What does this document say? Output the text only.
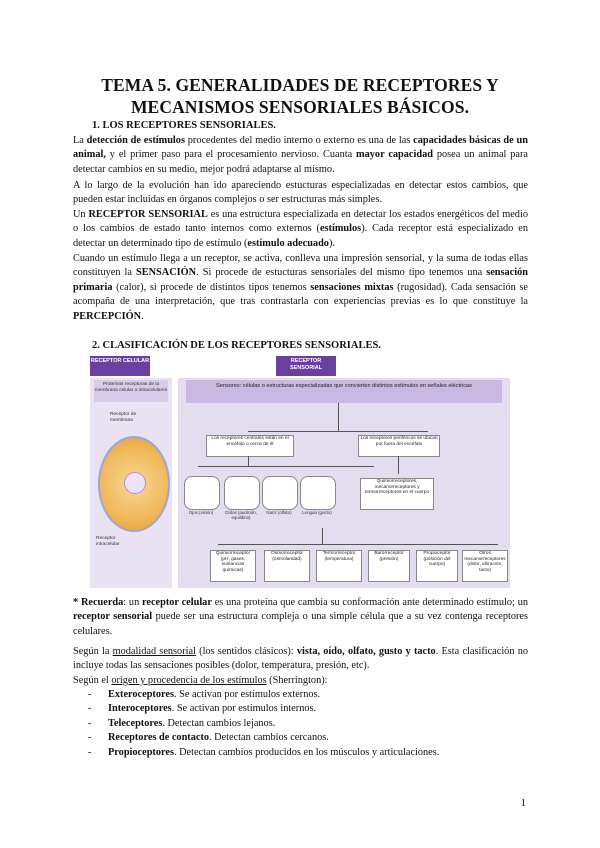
TEMA 5. GENERALIDADES DE RECEPTORES Y
MECANISMOS SENSORIALES BÁSICOS.
1. LOS RECEPTORES SENSORIALES.

La detección de estímulos procedentes del medio interno o externo es una de las capacidades básicas de un animal, y el primer paso para el procesamiento nervioso. Cuanta mayor capacidad posea un animal para detectar cambios en su medio, mejor podrá adaptarse al mismo.

A lo largo de la evolución han ido apareciendo estucturas especializadas en detectar estos cambios, que pueden estar incluidas en órganos complejos o ser estructuras más simples.

Un RECEPTOR SENSORIAL es una estructura especializada en detectar los estados energéticos del medio o los cambios de estado tanto internos como externos (estímulos). Cada receptor está especializado en detectar un determinado tipo de estímulo (estímulo adecuado).

Cuando un estímulo llega a un receptor, se activa, conlleva una impresión sensorial, y la suma de todas ellas constituyen la SENSACIÓN. Si procede de estucturas sensoriales del mismo tipo tenemos una sensación primaria (calor), si procede de distintos tipos tenemos sensaciones mixtas (rugosidad). Cada sensación se acompaña de una interpretación, que tras contrastarla con experiencias previas es lo que constituye la PERCEPCIÓN.

2. CLASIFICACIÓN DE LOS RECEPTORES SENSORIALES.
RECEPTOR CELULAR	RECEPTOR SENSORIAL
Proteínas receptoras de la membrana celular o intracelulares
Receptor de membrana
Receptor intracelular
Sensores: células o estructuras especializadas que convierten distintos estímulos en señales eléctricas
Los receptores centrales están en el encéfalo o cerca de él
Los receptores periféricos se ubican por fuera del encéfalo
Ojos (visión)	Oídos (audición, equilibrio)
Nariz (olfato)	Lengua (gusto)
Quimiorreceptores, mecanorreceptores y termorreceptores en el cuerpo
Quimiorreceptor (pH, gases, sustancias químicas)
Osmorreceptor (osmolaridad)
Termorreceptor (temperatura)
Barorreceptor (presión)
Propioceptor (posición del cuerpo)
Otros mecanorreceptores (dolor, vibración, tacto)

* Recuerda: un receptor celular es una proteína que cambia su conformación ante determinado estímulo; un receptor sensorial puede ser una estructura compleja o una simple célula que a su vez contenga receptores celulares.

Según la modalidad sensorial (los sentidos clásicos): vista, oído, olfato, gusto y tacto. Esta clasificación no incluye todas las sensaciones posibles (dolor, temperatura, presión, etc).

Según el origen y procedencia de los estímulos (Sherrington):

- Exteroceptores. Se activan por estímulos externos.
- Interoceptores. Se activan por estímulos internos.
- Teleceptores. Detectan cambios lejanos.
- Receptores de contacto. Detectan cambios cercanos.
- Propioceptores. Detectan cambios producidos en los músculos y articulaciones.
1
